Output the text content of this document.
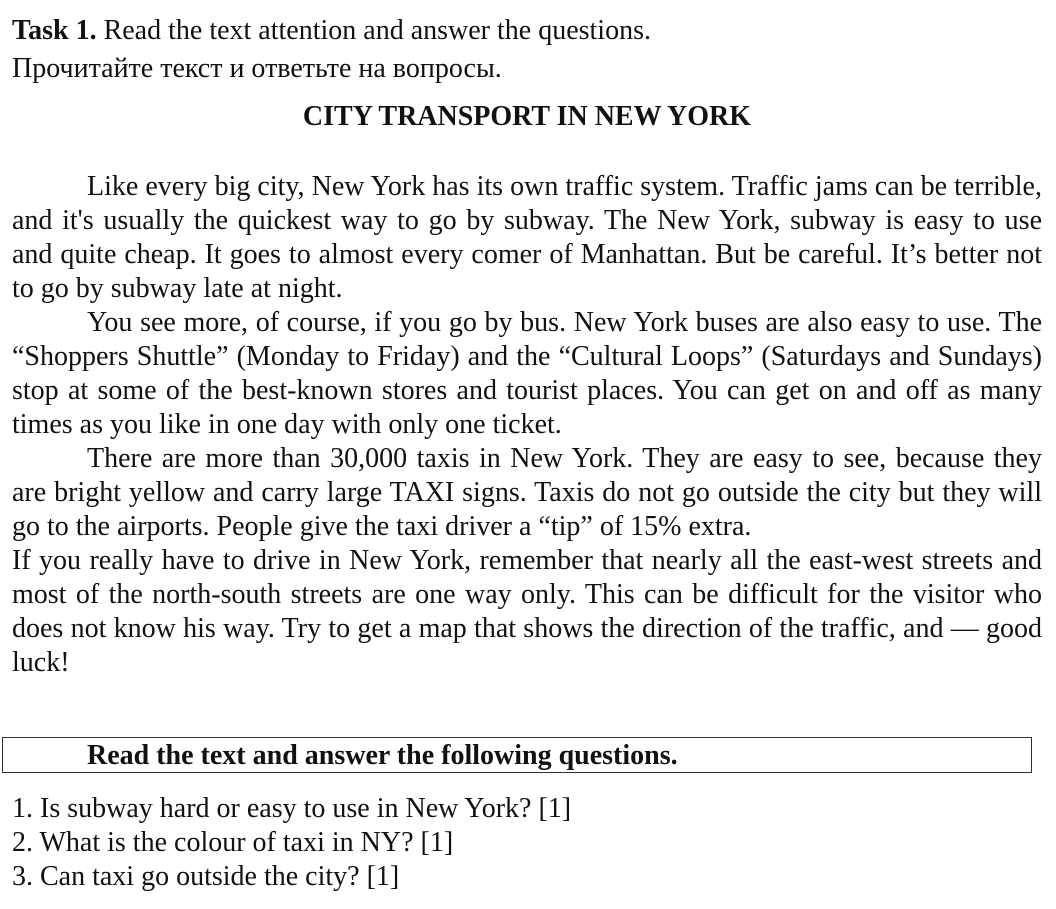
Task 1. Read the text attention and answer the questions.

Прочитайте текст и ответьте на вопросы.

CITY TRANSPORT IN NEW YORK

Like every big city, New York has its own traffic system. Traffic jams can be terrible, and it's usually the quickest way to go by subway. The New York, subway is easy to use and quite cheap. It goes to almost every comer of Manhattan. But be careful. It’s better not to go by subway late at night.

You see more, of course, if you go by bus. New York buses are also easy to use. The “Shoppers Shuttle” (Monday to Friday) and the “Cultural Loops” (Saturdays and Sundays) stop at some of the best-known stores and tourist places. You can get on and off as many times as you like in one day with only one ticket.

There are more than 30,000 taxis in New York. They are easy to see, because they are bright yellow and carry large TAXI signs. Taxis do not go outside the city but they will go to the airports. People give the taxi driver a “tip” of 15% extra.

If you really have to drive in New York, remember that nearly all the east-west streets and most of the north-south streets are one way only. This can be difficult for the visitor who does not know his way. Try to get a map that shows the direction of the traffic, and — good luck!

Read the text and answer the following questions.
1. Is subway hard or easy to use in New York? [1]
2. What is the colour of taxi in NY? [1]
3. Can taxi go outside the city? [1]
